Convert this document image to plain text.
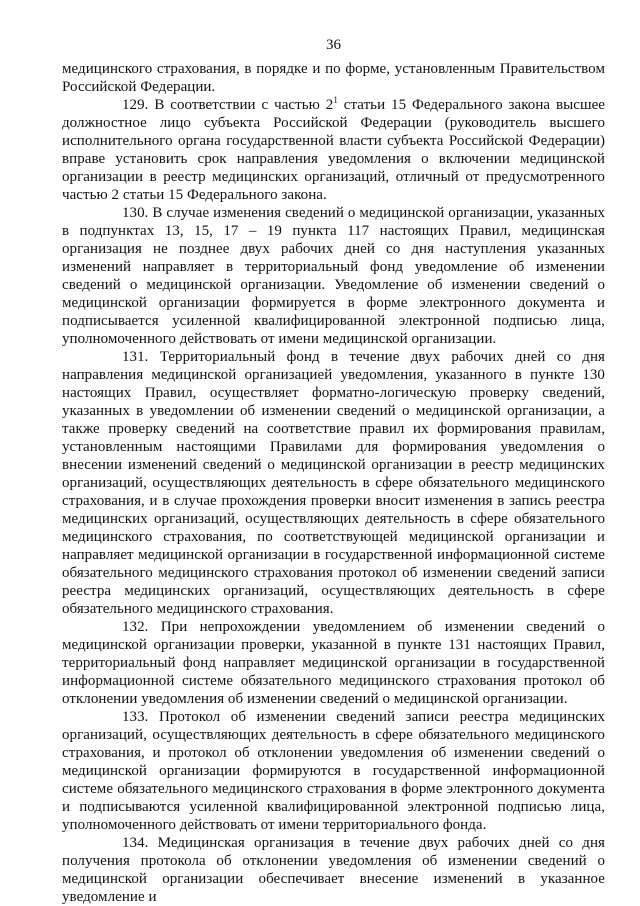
36

медицинского страхования, в порядке и по форме, установленным Правительством Российской Федерации.

129. В соответствии с частью $2^1$ статьи 15 Федерального закона высшее должностное лицо субъекта Российской Федерации (руководитель высшего исполнительного органа государственной власти субъекта Российской Федерации) вправе установить срок направления уведомления о включении медицинской организации в реестр медицинских организаций, отличный от предусмотренного частью 2 статьи 15 Федерального закона.

130. В случае изменения сведений о медицинской организации, указанных в подпунктах 13, 15, 17 – 19 пункта 117 настоящих Правил, медицинская организация не позднее двух рабочих дней со дня наступления указанных изменений направляет в территориальный фонд уведомление об изменении сведений о медицинской организации. Уведомление об изменении сведений о медицинской организации формируется в форме электронного документа и подписывается усиленной квалифицированной электронной подписью лица, уполномоченного действовать от имени медицинской организации.

131. Территориальный фонд в течение двух рабочих дней со дня направления медицинской организацией уведомления, указанного в пункте 130 настоящих Правил, осуществляет форматно-логическую проверку сведений, указанных в уведомлении об изменении сведений о медицинской организации, а также проверку сведений на соответствие правил их формирования правилам, установленным настоящими Правилами для формирования уведомления о внесении изменений сведений о медицинской организации в реестр медицинских организаций, осуществляющих деятельность в сфере обязательного медицинского страхования, и в случае прохождения проверки вносит изменения в запись реестра медицинских организаций, осуществляющих деятельность в сфере обязательного медицинского страхования, по соответствующей медицинской организации и направляет медицинской организации в государственной информационной системе обязательного медицинского страхования протокол об изменении сведений записи реестра медицинских организаций, осуществляющих деятельность в сфере обязательного медицинского страхования.

132. При непрохождении уведомлением об изменении сведений о медицинской организации проверки, указанной в пункте 131 настоящих Правил, территориальный фонд направляет медицинской организации в государственной информационной системе обязательного медицинского страхования протокол об отклонении уведомления об изменении сведений о медицинской организации.

133. Протокол об изменении сведений записи реестра медицинских организаций, осуществляющих деятельность в сфере обязательного медицинского страхования, и протокол об отклонении уведомления об изменении сведений о медицинской организации формируются в государственной информационной системе обязательного медицинского страхования в форме электронного документа и подписываются усиленной квалифицированной электронной подписью лица, уполномоченного действовать от имени территориального фонда.

134. Медицинская организация в течение двух рабочих дней со дня получения протокола об отклонении уведомления об изменении сведений о медицинской организации обеспечивает внесение изменений в указанное уведомление и
